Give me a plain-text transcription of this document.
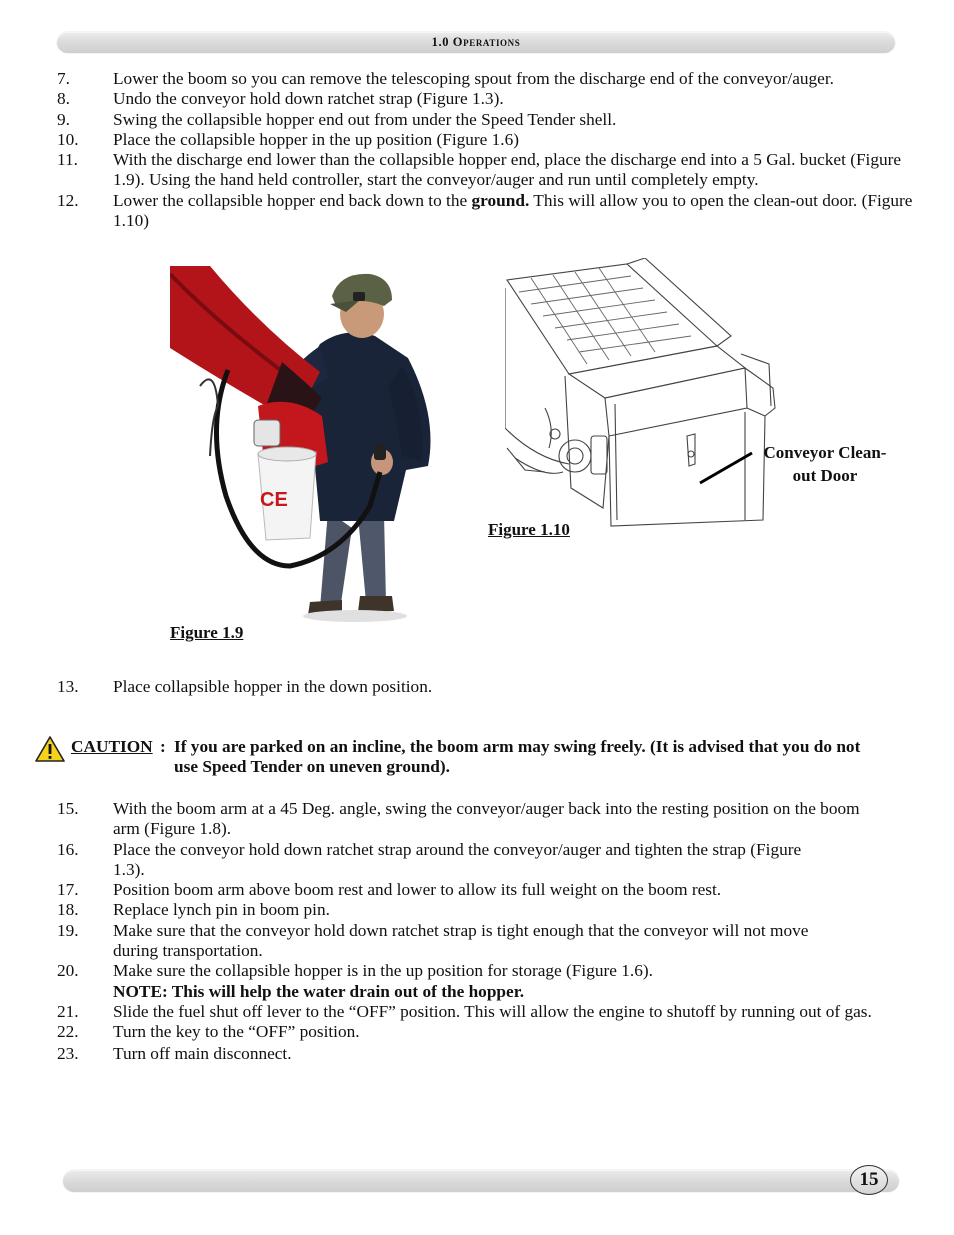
1.0 Operations
7. Lower the boom so you can remove the telescoping spout from the discharge end of the conveyor/auger.
8. Undo the conveyor hold down ratchet strap (Figure 1.3).
9. Swing the collapsible hopper end out from under the Speed Tender shell.
10. Place the collapsible hopper in the up position (Figure 1.6)
11. With the discharge end lower than the collapsible hopper end, place the discharge end into a 5 Gal. bucket (Figure 1.9). Using the hand held controller, start the conveyor/auger and run until completely empty.
12. Lower the collapsible hopper end back down to the ground. This will allow you to open the clean-out door. (Figure 1.10)
CE
Figure 1.9
Conveyor Clean-out Door
Figure 1.10
13. Place collapsible hopper in the down position.
CAUTION : If you are parked on an incline, the boom arm may swing freely. (It is advised that you do not use Speed Tender on uneven ground).
15. With the boom arm at a 45 Deg. angle, swing the conveyor/auger back into the resting position on the boom arm (Figure 1.8).
16. Place the conveyor hold down ratchet strap around the conveyor/auger and tighten the strap (Figure 1.3).
17. Position boom arm above boom rest and lower to allow its full weight on the boom rest.
18. Replace lynch pin in boom pin.
19. Make sure that the conveyor hold down ratchet strap is tight enough that the conveyor will not move during transportation.
20. Make sure the collapsible hopper is in the up position for storage (Figure 1.6).
NOTE: This will help the water drain out of the hopper.
21. Slide the fuel shut off lever to the “OFF” position. This will allow the engine to shutoff by running out of gas.
22. Turn the key to the “OFF” position.
23. Turn off main disconnect.
15
